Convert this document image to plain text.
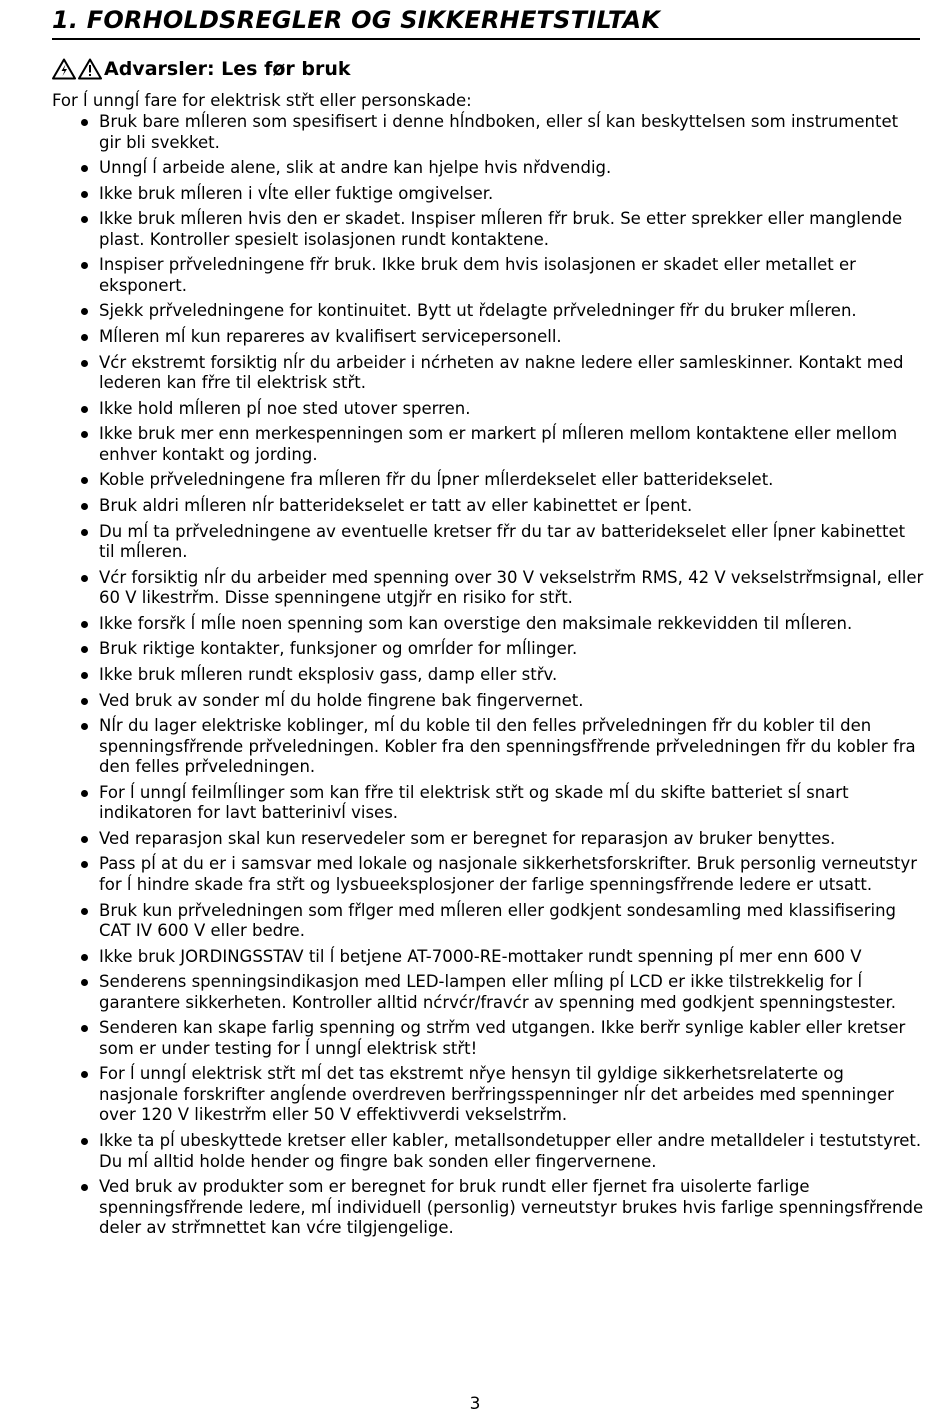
1. FORHOLDSREGLER OG SIKKERHETSTILTAK
Advarsler: Les før bruk

For ĺ unngĺ fare for elektrisk střt eller personskade:

Bruk bare mĺleren som spesifisert i denne hĺndboken, eller sĺ kan beskyttelsen som instrumentet gir bli svekket.
Unngĺ ĺ arbeide alene, slik at andre kan hjelpe hvis nřdvendig.
Ikke bruk mĺleren i vĺte eller fuktige omgivelser.
Ikke bruk mĺleren hvis den er skadet. Inspiser mĺleren fřr bruk. Se etter sprekker eller manglende plast. Kontroller spesielt isolasjonen rundt kontaktene.
Inspiser prřveledningene fřr bruk. Ikke bruk dem hvis isolasjonen er skadet eller metallet er eksponert.
Sjekk prřveledningene for kontinuitet. Bytt ut řdelagte prřveledninger fřr du bruker mĺleren.
Mĺleren mĺ kun repareres av kvalifisert servicepersonell.
Vćr ekstremt forsiktig nĺr du arbeider i nćrheten av nakne ledere eller samleskinner. Kontakt med lederen kan fřre til elektrisk střt.
Ikke hold mĺleren pĺ noe sted utover sperren.
Ikke bruk mer enn merkespenningen som er markert pĺ mĺleren mellom kontaktene eller mellom enhver kontakt og jording.
Koble prřveledningene fra mĺleren fřr du ĺpner mĺlerdekselet eller batteridekselet.
Bruk aldri mĺleren nĺr batteridekselet er tatt av eller kabinettet er ĺpent.
Du mĺ ta prřveledningene av eventuelle kretser fřr du tar av batteridekselet eller ĺpner kabinettet til mĺleren.
Vćr forsiktig nĺr du arbeider med spenning over 30 V vekselstrřm RMS, 42 V vekselstrřmsignal, eller 60 V likestrřm. Disse spenningene utgjřr en risiko for střt.
Ikke forsřk ĺ mĺle noen spenning som kan overstige den maksimale rekkevidden til mĺleren.
Bruk riktige kontakter, funksjoner og omrĺder for mĺlinger.
Ikke bruk mĺleren rundt eksplosiv gass, damp eller střv.
Ved bruk av sonder mĺ du holde fingrene bak fingervernet.
Nĺr du lager elektriske koblinger, mĺ du koble til den felles prřveledningen fřr du kobler til den spenningsfřrende prřveledningen. Kobler fra den spenningsfřrende prřveledningen fřr du kobler fra den felles prřveledningen.
For ĺ unngĺ feilmĺlinger som kan fřre til elektrisk střt og skade mĺ du skifte batteriet sĺ snart indikatoren for lavt batterinivĺ vises.
Ved reparasjon skal kun reservedeler som er beregnet for reparasjon av bruker benyttes.
Pass pĺ at du er i samsvar med lokale og nasjonale sikkerhetsforskrifter. Bruk personlig verneutstyr for ĺ hindre skade fra střt og lysbueeksplosjoner der farlige spenningsfřrende ledere er utsatt.
Bruk kun prřveledningen som fřlger med mĺleren eller godkjent sondesamling med klassifisering CAT IV 600 V eller bedre.
Ikke bruk JORDINGSSTAV til ĺ betjene AT-7000-RE-mottaker rundt spenning pĺ mer enn 600 V
Senderens spenningsindikasjon med LED-lampen eller mĺling pĺ LCD er ikke tilstrekkelig for ĺ garantere sikkerheten. Kontroller alltid nćrvćr/fravćr av spenning med godkjent spenningstester.
Senderen kan skape farlig spenning og strřm ved utgangen. Ikke berřr synlige kabler eller kretser som er under testing for ĺ unngĺ elektrisk střt!
For ĺ unngĺ elektrisk střt mĺ det tas ekstremt nřye hensyn til gyldige sikkerhetsrelaterte og nasjonale forskrifter angĺende overdreven berřringsspenninger nĺr det arbeides med spenninger over 120 V likestrřm eller 50 V effektivverdi vekselstrřm.
Ikke ta pĺ ubeskyttede kretser eller kabler, metallsondetupper eller andre metalldeler i testutstyret. Du mĺ alltid holde hender og fingre bak sonden eller fingervernene.
Ved bruk av produkter som er beregnet for bruk rundt eller fjernet fra uisolerte farlige spenningsfřrende ledere, mĺ individuell (personlig) verneutstyr brukes hvis farlige spenningsfřrende deler av strřmnettet kan vćre tilgjengelige.

3
